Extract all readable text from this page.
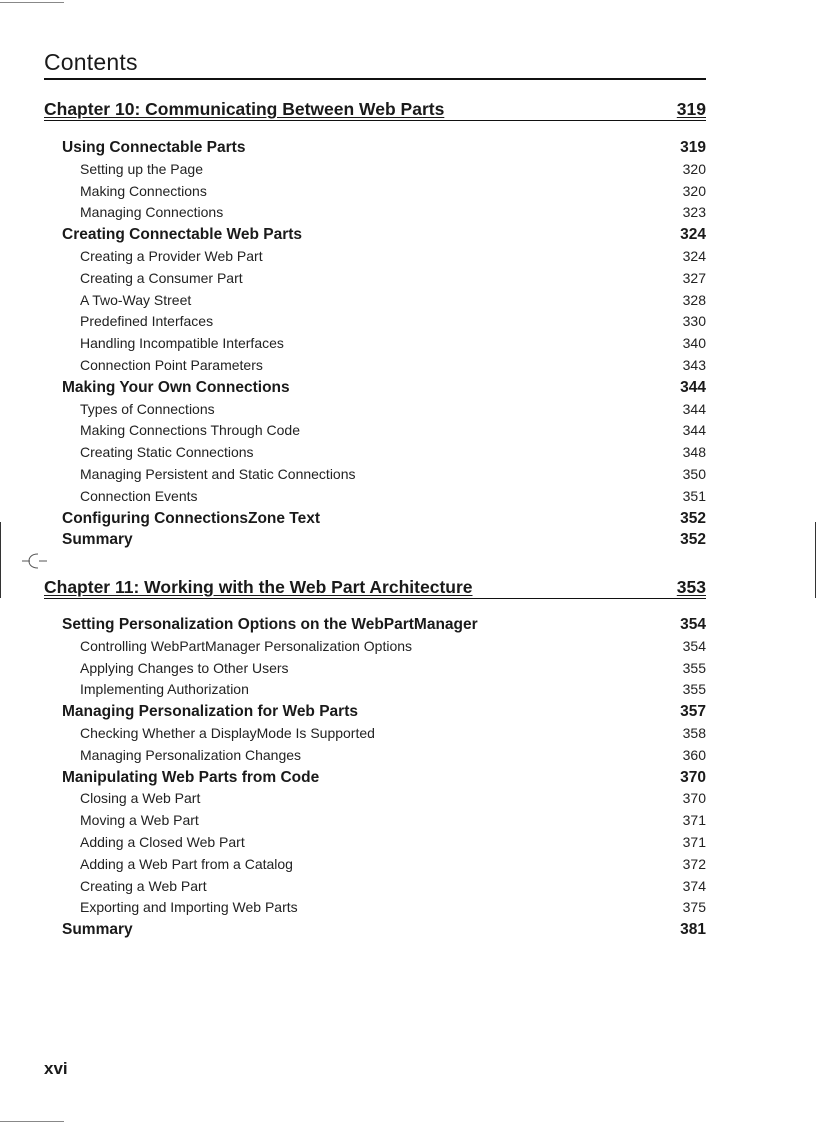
Contents
Chapter 10: Communicating Between Web Parts	319
Using Connectable Parts	319
Setting up the Page	320
Making Connections	320
Managing Connections	323
Creating Connectable Web Parts	324
Creating a Provider Web Part	324
Creating a Consumer Part	327
A Two-Way Street	328
Predefined Interfaces	330
Handling Incompatible Interfaces	340
Connection Point Parameters	343
Making Your Own Connections	344
Types of Connections	344
Making Connections Through Code	344
Creating Static Connections	348
Managing Persistent and Static Connections	350
Connection Events	351
Configuring ConnectionsZone Text	352
Summary	352
Chapter 11: Working with the Web Part Architecture	353
Setting Personalization Options on the WebPartManager	354
Controlling WebPartManager Personalization Options	354
Applying Changes to Other Users	355
Implementing Authorization	355
Managing Personalization for Web Parts	357
Checking Whether a DisplayMode Is Supported	358
Managing Personalization Changes	360
Manipulating Web Parts from Code	370
Closing a Web Part	370
Moving a Web Part	371
Adding a Closed Web Part	371
Adding a Web Part from a Catalog	372
Creating a Web Part	374
Exporting and Importing Web Parts	375
Summary	381
xvi
